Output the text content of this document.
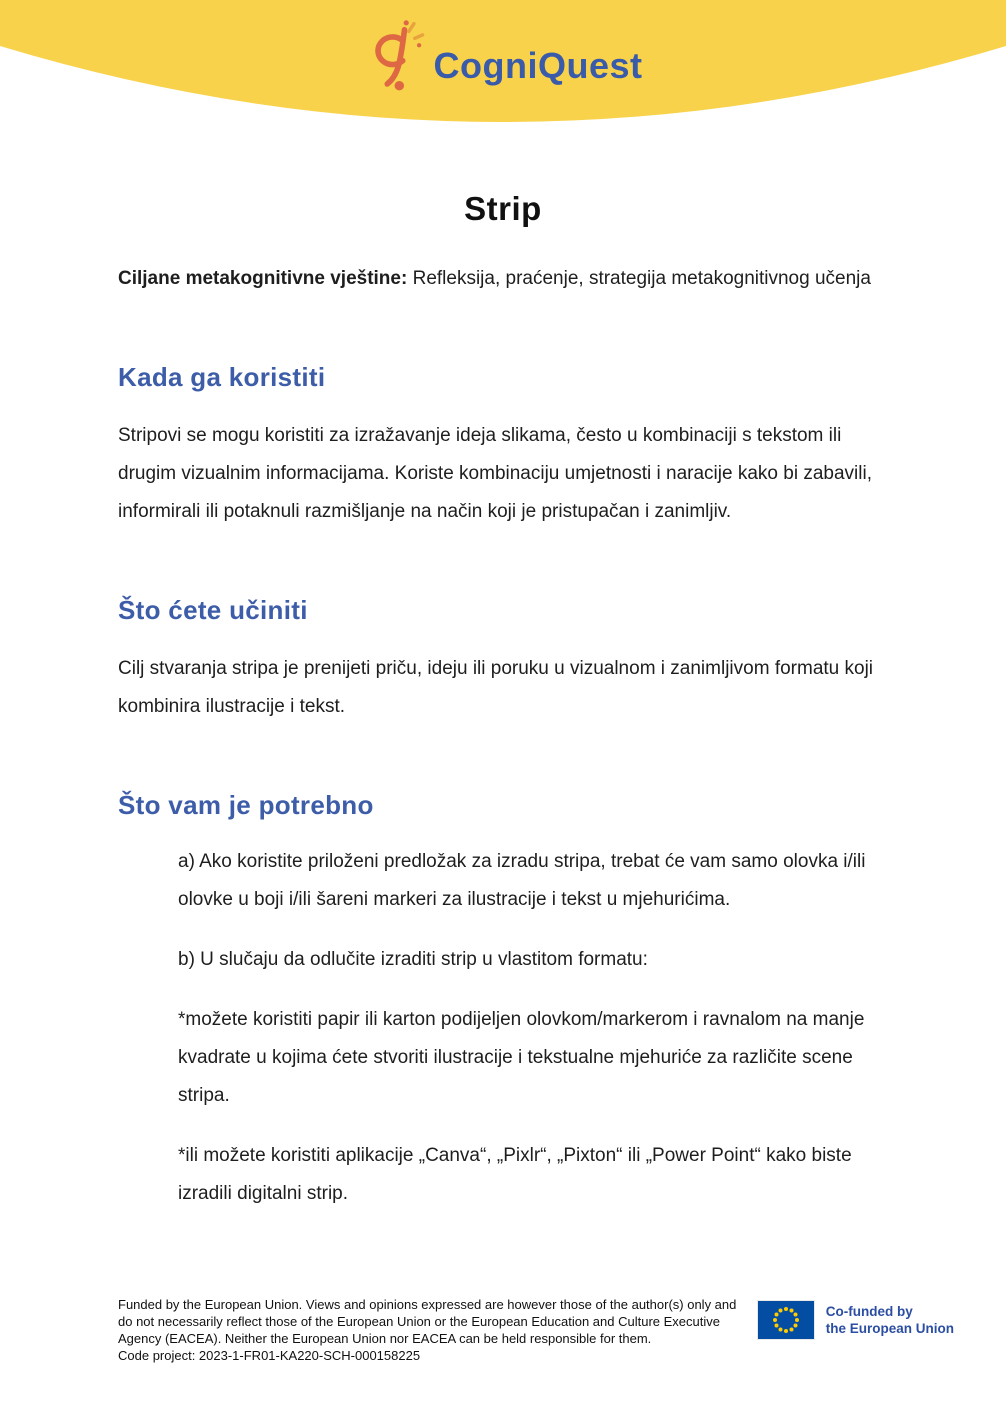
CogniQuest
Strip

Ciljane metakognitivne vještine: Refleksija, praćenje, strategija metakognitivnog učenja

Kada ga koristiti

Stripovi se mogu koristiti za izražavanje ideja slikama, često u kombinaciji s tekstom ili drugim vizualnim informacijama. Koriste kombinaciju umjetnosti i naracije kako bi zabavili, informirali ili potaknuli razmišljanje na način koji je pristupačan i zanimljiv.

Što ćete učiniti

Cilj stvaranja stripa je prenijeti priču, ideju ili poruku u vizualnom i zanimljivom formatu koji kombinira ilustracije i tekst.

Što vam je potrebno

a) Ako koristite priloženi predložak za izradu stripa, trebat će vam samo olovka i/ili olovke u boji i/ili šareni markeri za ilustracije i tekst u mjehurićima.

b) U slučaju da odlučite izraditi strip u vlastitom formatu:

*možete koristiti papir ili karton podijeljen olovkom/markerom i ravnalom na manje kvadrate u kojima ćete stvoriti ilustracije i tekstualne mjehuriće za različite scene stripa.

*ili možete koristiti aplikacije „Canva“, „Pixlr“, „Pixton“ ili „Power Point“ kako biste izradili digitalni strip.

Funded by the European Union. Views and opinions expressed are however those of the author(s) only and
do not necessarily reflect those of the European Union or the European Education and Culture Executive
Agency (EACEA). Neither the European Union nor EACEA can be held responsible for them.
Code project: 2023-1-FR01-KA220-SCH-000158225
Co-funded by
the European Union
